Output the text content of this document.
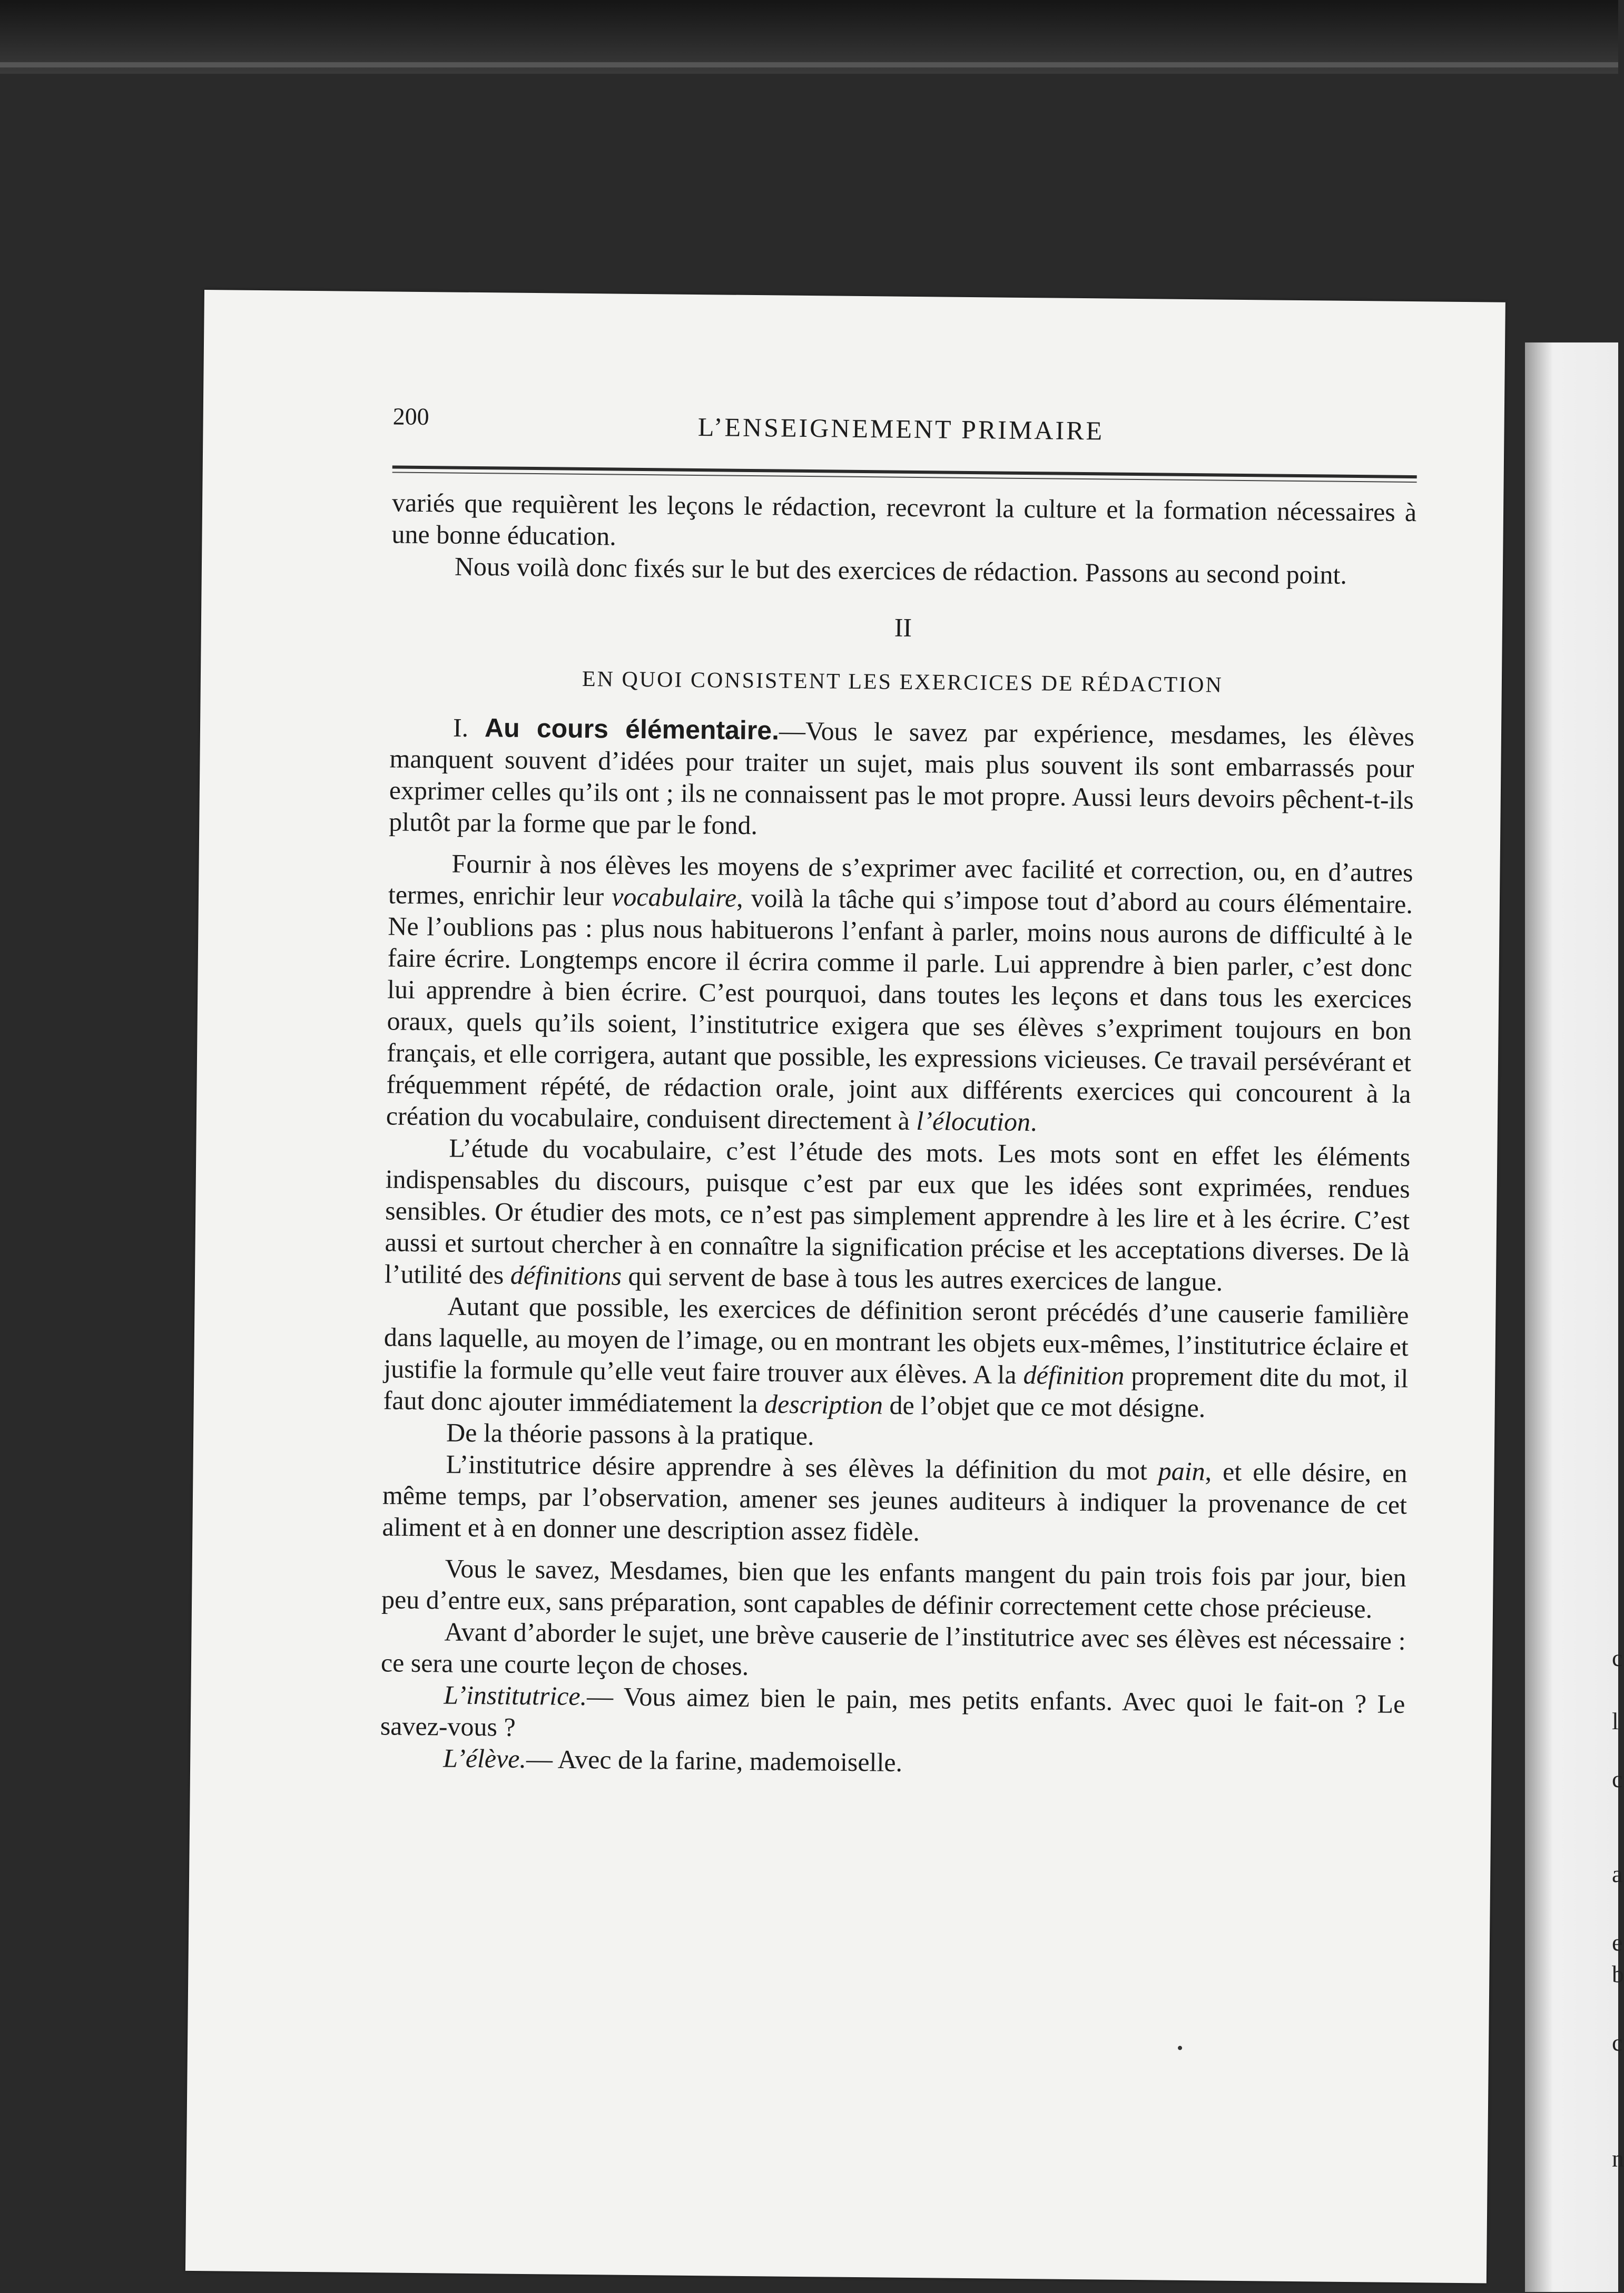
c
l
c
a
e
b
c
n
200	L’ENSEIGNEMENT PRIMAIRE

variés que requièrent les leçons le rédaction, recevront la culture et la formation nécessaires à une bonne éducation.

Nous voilà donc fixés sur le but des exercices de rédaction. Passons au second point.

II
EN QUOI CONSISTENT LES EXERCICES DE RÉDACTION

I. Au cours élémentaire.—Vous le savez par expérience, mesdames, les élèves manquent souvent d’idées pour traiter un sujet, mais plus souvent ils sont embarrassés pour exprimer celles qu’ils ont ; ils ne connaissent pas le mot propre. Aussi leurs devoirs pêchent-t-ils plutôt par la forme que par le fond.

Fournir à nos élèves les moyens de s’exprimer avec facilité et correction, ou, en d’autres termes, enrichir leur vocabulaire, voilà la tâche qui s’impose tout d’abord au cours élémentaire. Ne l’oublions pas : plus nous habituerons l’enfant à parler, moins nous aurons de difficulté à le faire écrire. Longtemps encore il écrira comme il parle. Lui apprendre à bien parler, c’est donc lui apprendre à bien écrire. C’est pourquoi, dans toutes les leçons et dans tous les exercices oraux, quels qu’ils soient, l’institutrice exigera que ses élèves s’expriment toujours en bon français, et elle corrigera, autant que possible, les expressions vicieuses. Ce travail persévérant et fréquemment répété, de rédaction orale, joint aux différents exercices qui concourent à la création du vocabulaire, conduisent directement à l’élocution.

L’étude du vocabulaire, c’est l’étude des mots. Les mots sont en effet les éléments indispensables du discours, puisque c’est par eux que les idées sont exprimées, rendues sensibles. Or étudier des mots, ce n’est pas simplement apprendre à les lire et à les écrire. C’est aussi et surtout chercher à en connaître la signification précise et les acceptations diverses. De là l’utilité des définitions qui servent de base à tous les autres exercices de langue.

Autant que possible, les exercices de définition seront précédés d’une causerie familière dans laquelle, au moyen de l’image, ou en montrant les objets eux-mêmes, l’institutrice éclaire et justifie la formule qu’elle veut faire trouver aux élèves. A la définition proprement dite du mot, il faut donc ajouter immédiatement la description de l’objet que ce mot désigne.

De la théorie passons à la pratique.

L’institutrice désire apprendre à ses élèves la définition du mot pain, et elle désire, en même temps, par l’observation, amener ses jeunes auditeurs à indiquer la provenance de cet aliment et à en donner une description assez fidèle.

Vous le savez, Mesdames, bien que les enfants mangent du pain trois fois par jour, bien peu d’entre eux, sans préparation, sont capables de définir correctement cette chose précieuse.

Avant d’aborder le sujet, une brève causerie de l’institutrice avec ses élèves est nécessaire : ce sera une courte leçon de choses.

L’institutrice.— Vous aimez bien le pain, mes petits enfants. Avec quoi le fait-on ? Le savez-vous ?

L’élève.— Avec de la farine, mademoiselle.
